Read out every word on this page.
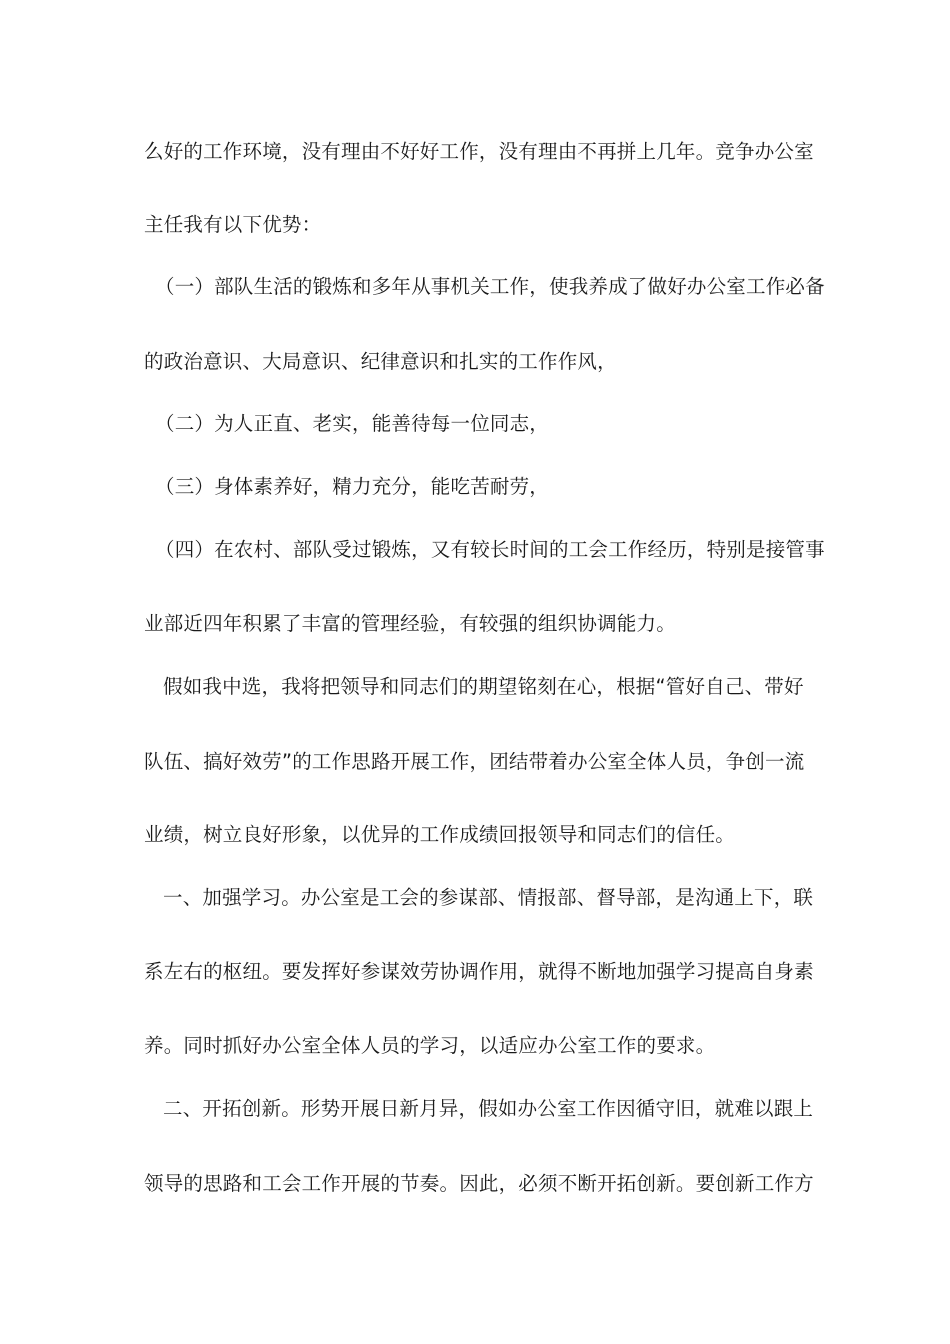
么好的工作环境，没有理由不好好工作，没有理由不再拼上几年。竞争办公室
主任我有以下优势：
（一）部队生活的锻炼和多年从事机关工作，使我养成了做好办公室工作必备
的政治意识、大局意识、纪律意识和扎实的工作作风，
（二）为人正直、老实，能善待每一位同志，
（三）身体素养好，精力充分，能吃苦耐劳，
（四）在农村、部队受过锻炼，又有较长时间的工会工作经历，特别是接管事
业部近四年积累了丰富的管理经验，有较强的组织协调能力。
假如我中选，我将把领导和同志们的期望铭刻在心，根据“管好自己、带好
队伍、搞好效劳”的工作思路开展工作，团结带着办公室全体人员，争创一流
业绩，树立良好形象，以优异的工作成绩回报领导和同志们的信任。
一、加强学习。办公室是工会的参谋部、情报部、督导部，是沟通上下，联
系左右的枢纽。要发挥好参谋效劳协调作用，就得不断地加强学习提高自身素
养。同时抓好办公室全体人员的学习，以适应办公室工作的要求。
二、开拓创新。形势开展日新月异，假如办公室工作因循守旧，就难以跟上
领导的思路和工会工作开展的节奏。因此，必须不断开拓创新。要创新工作方
